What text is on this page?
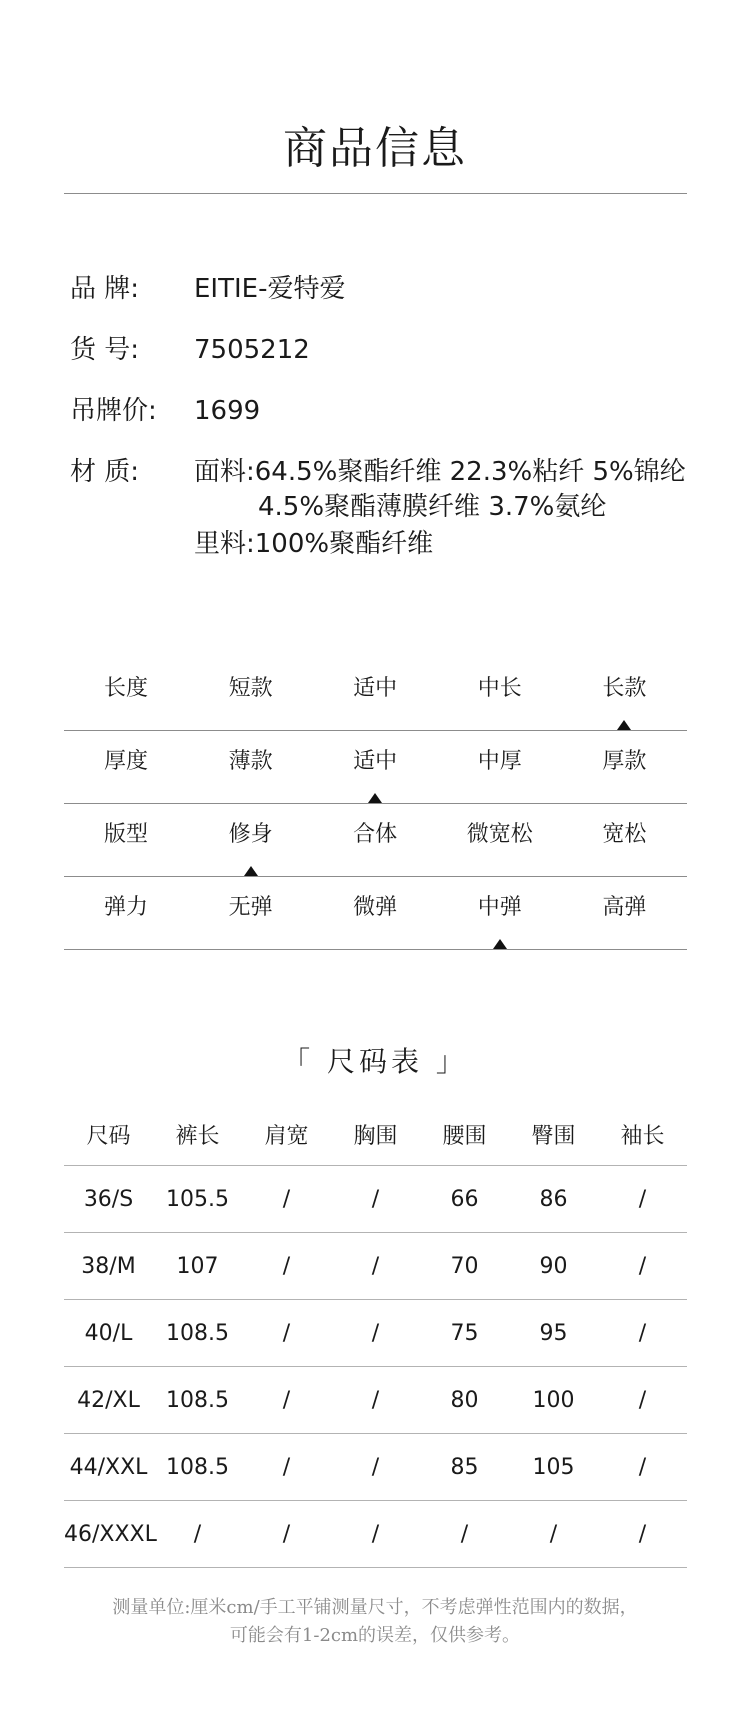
商品信息
品 牌:	EITIE-爱特爱
货 号:	7505212
吊牌价:	1699
材 质:	面料:64.5%聚酯纤维 22.3%粘纤 5%锦纶
4.5%聚酯薄膜纤维 3.7%氨纶
里料:100%聚酯纤维
长度	短款	适中	中长	长款
厚度	薄款	适中	中厚	厚款
版型	修身	合体	微宽松	宽松
弹力	无弹	微弹	中弹	高弹
「 尺码表 」
尺码	裤长	肩宽	胸围	腰围	臀围	袖长
36/S	105.5	/	/	66	86	/
38/M	107	/	/	70	90	/
40/L	108.5	/	/	75	95	/
42/XL	108.5	/	/	80	100	/
44/XXL 108.5	/	/	85	105	/
46/XXXL	/	/	/	/	/	/
测量单位:厘米cm/手工平铺测量尺寸，不考虑弹性范围内的数据，
可能会有1-2cm的误差，仅供参考。
